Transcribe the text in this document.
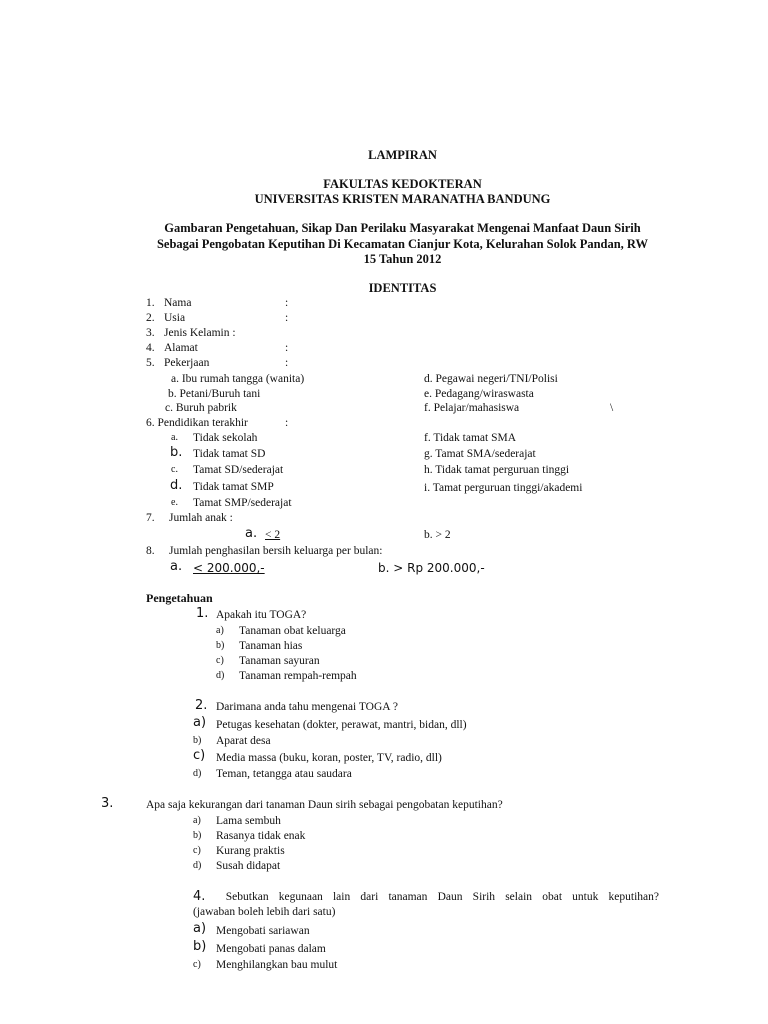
LAMPIRAN
FAKULTAS KEDOKTERAN
UNIVERSITAS KRISTEN MARANATHA BANDUNG
Gambaran Pengetahuan, Sikap Dan Perilaku Masyarakat Mengenai Manfaat Daun Sirih
Sebagai Pengobatan Keputihan Di Kecamatan Cianjur Kota, Kelurahan Solok Pandan, RW
15 Tahun 2012
IDENTITAS
1. Nama	:
2. Usia	:
3. Jenis Kelamin :
4. Alamat	:
5. Pekerjaan	:
a. Ibu rumah tangga (wanita)
b. Petani/Buruh tani
c. Buruh pabrik
d. Pegawai negeri/TNI/Polisi
e. Pedagang/wiraswasta
f. Pelajar/mahasiswa	\
6. Pendidikan terakhir	:
a. Tidak sekolah
b. Tidak tamat SD
c. Tamat SD/sederajat
d. Tidak tamat SMP
e. Tamat SMP/sederajat
f. Tidak tamat SMA
g. Tamat SMA/sederajat
h. Tidak tamat perguruan tinggi
i. Tamat perguruan tinggi/akademi
7. Jumlah anak :
a. < 2	b. > 2
8. Jumlah penghasilan bersih keluarga per bulan:
a. < 200.000,-	b. > Rp 200.000,-
Pengetahuan
1. Apakah itu TOGA?
a) Tanaman obat keluarga
b) Tanaman hias
c) Tanaman sayuran
d) Tanaman rempah-rempah
2. Darimana anda tahu mengenai TOGA ?
a) Petugas kesehatan (dokter, perawat, mantri, bidan, dll)
b) Aparat desa
c) Media massa (buku, koran, poster, TV, radio, dll)
d) Teman, tetangga atau saudara
3.	Apa saja kekurangan dari tanaman Daun sirih sebagai pengobatan keputihan?
a) Lama sembuh
b) Rasanya tidak enak
c) Kurang praktis
d) Susah didapat
4. Sebutkan kegunaan lain dari tanaman Daun Sirih selain obat untuk keputihan?
(jawaban boleh lebih dari satu)
a) Mengobati sariawan
b) Mengobati panas dalam
c) Menghilangkan bau mulut
